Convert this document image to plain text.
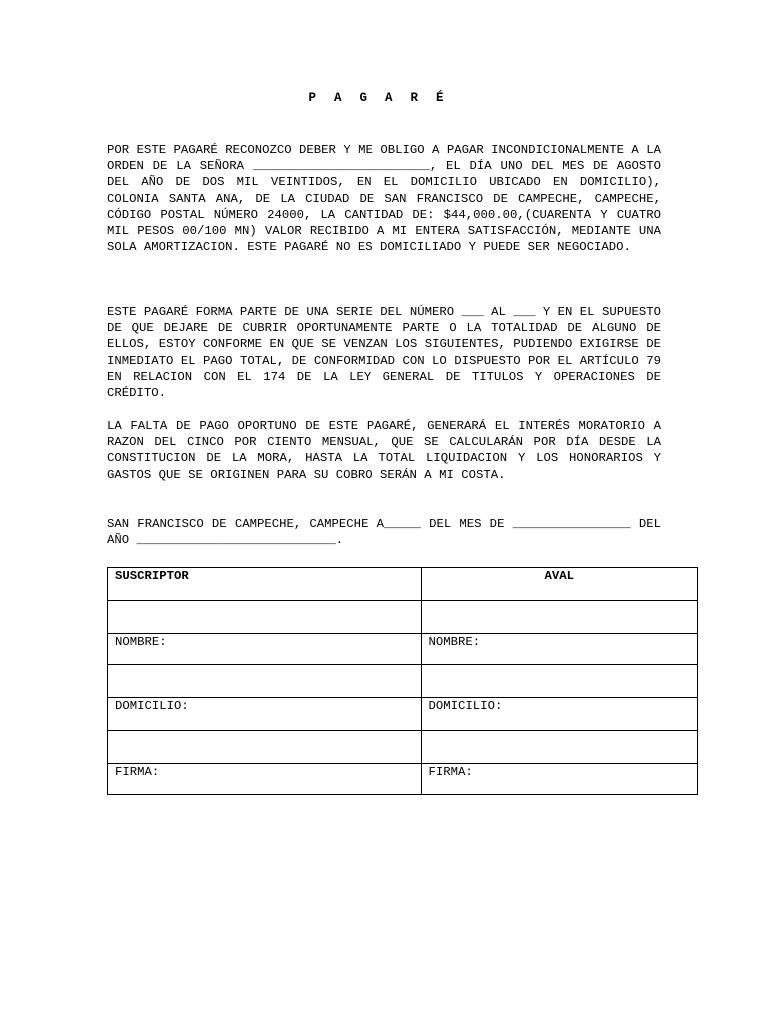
P A G A R É

POR ESTE PAGARÉ RECONOZCO DEBER Y ME OBLIGO A PAGAR INCONDICIONALMENTE A LA ORDEN DE LA SEÑORA ________________________, EL DÍA UNO DEL MES DE AGOSTO DEL AÑO DE DOS MIL VEINTIDOS, EN EL DOMICILIO UBICADO EN DOMICILIO), COLONIA SANTA ANA, DE LA CIUDAD DE SAN FRANCISCO DE CAMPECHE, CAMPECHE, CÓDIGO POSTAL NÚMERO 24000, LA CANTIDAD DE: $44,000.00,(CUARENTA Y CUATRO MIL PESOS 00/100 MN) VALOR RECIBIDO A MI ENTERA SATISFACCIÓN, MEDIANTE UNA SOLA AMORTIZACION. ESTE PAGARÉ NO ES DOMICILIADO Y PUEDE SER NEGOCIADO.

ESTE PAGARÉ FORMA PARTE DE UNA SERIE DEL NÚMERO ___ AL ___ Y EN EL SUPUESTO DE QUE DEJARE DE CUBRIR OPORTUNAMENTE PARTE O LA TOTALIDAD DE ALGUNO DE ELLOS, ESTOY CONFORME EN QUE SE VENZAN LOS SIGUIENTES, PUDIENDO EXIGIRSE DE INMEDIATO EL PAGO TOTAL, DE CONFORMIDAD CON LO DISPUESTO POR EL ARTÍCULO 79 EN RELACION CON EL 174 DE LA LEY GENERAL DE TITULOS Y OPERACIONES DE CRÉDITO.

LA FALTA DE PAGO OPORTUNO DE ESTE PAGARÉ, GENERARÁ EL INTERÉS MORATORIO A RAZON DEL CINCO POR CIENTO MENSUAL, QUE SE CALCULARÁN POR DÍA DESDE LA CONSTITUCION DE LA MORA, HASTA LA TOTAL LIQUIDACION Y LOS HONORARIOS Y GASTOS QUE SE ORIGINEN PARA SU COBRO SERÁN A MI COSTA.

SAN FRANCISCO DE CAMPECHE, CAMPECHE A_____ DEL MES DE ________________ DEL AÑO ___________________________.

SUSCRIPTOR	AVAL

NOMBRE:	NOMBRE:

DOMICILIO:	DOMICILIO:

FIRMA:	FIRMA:
